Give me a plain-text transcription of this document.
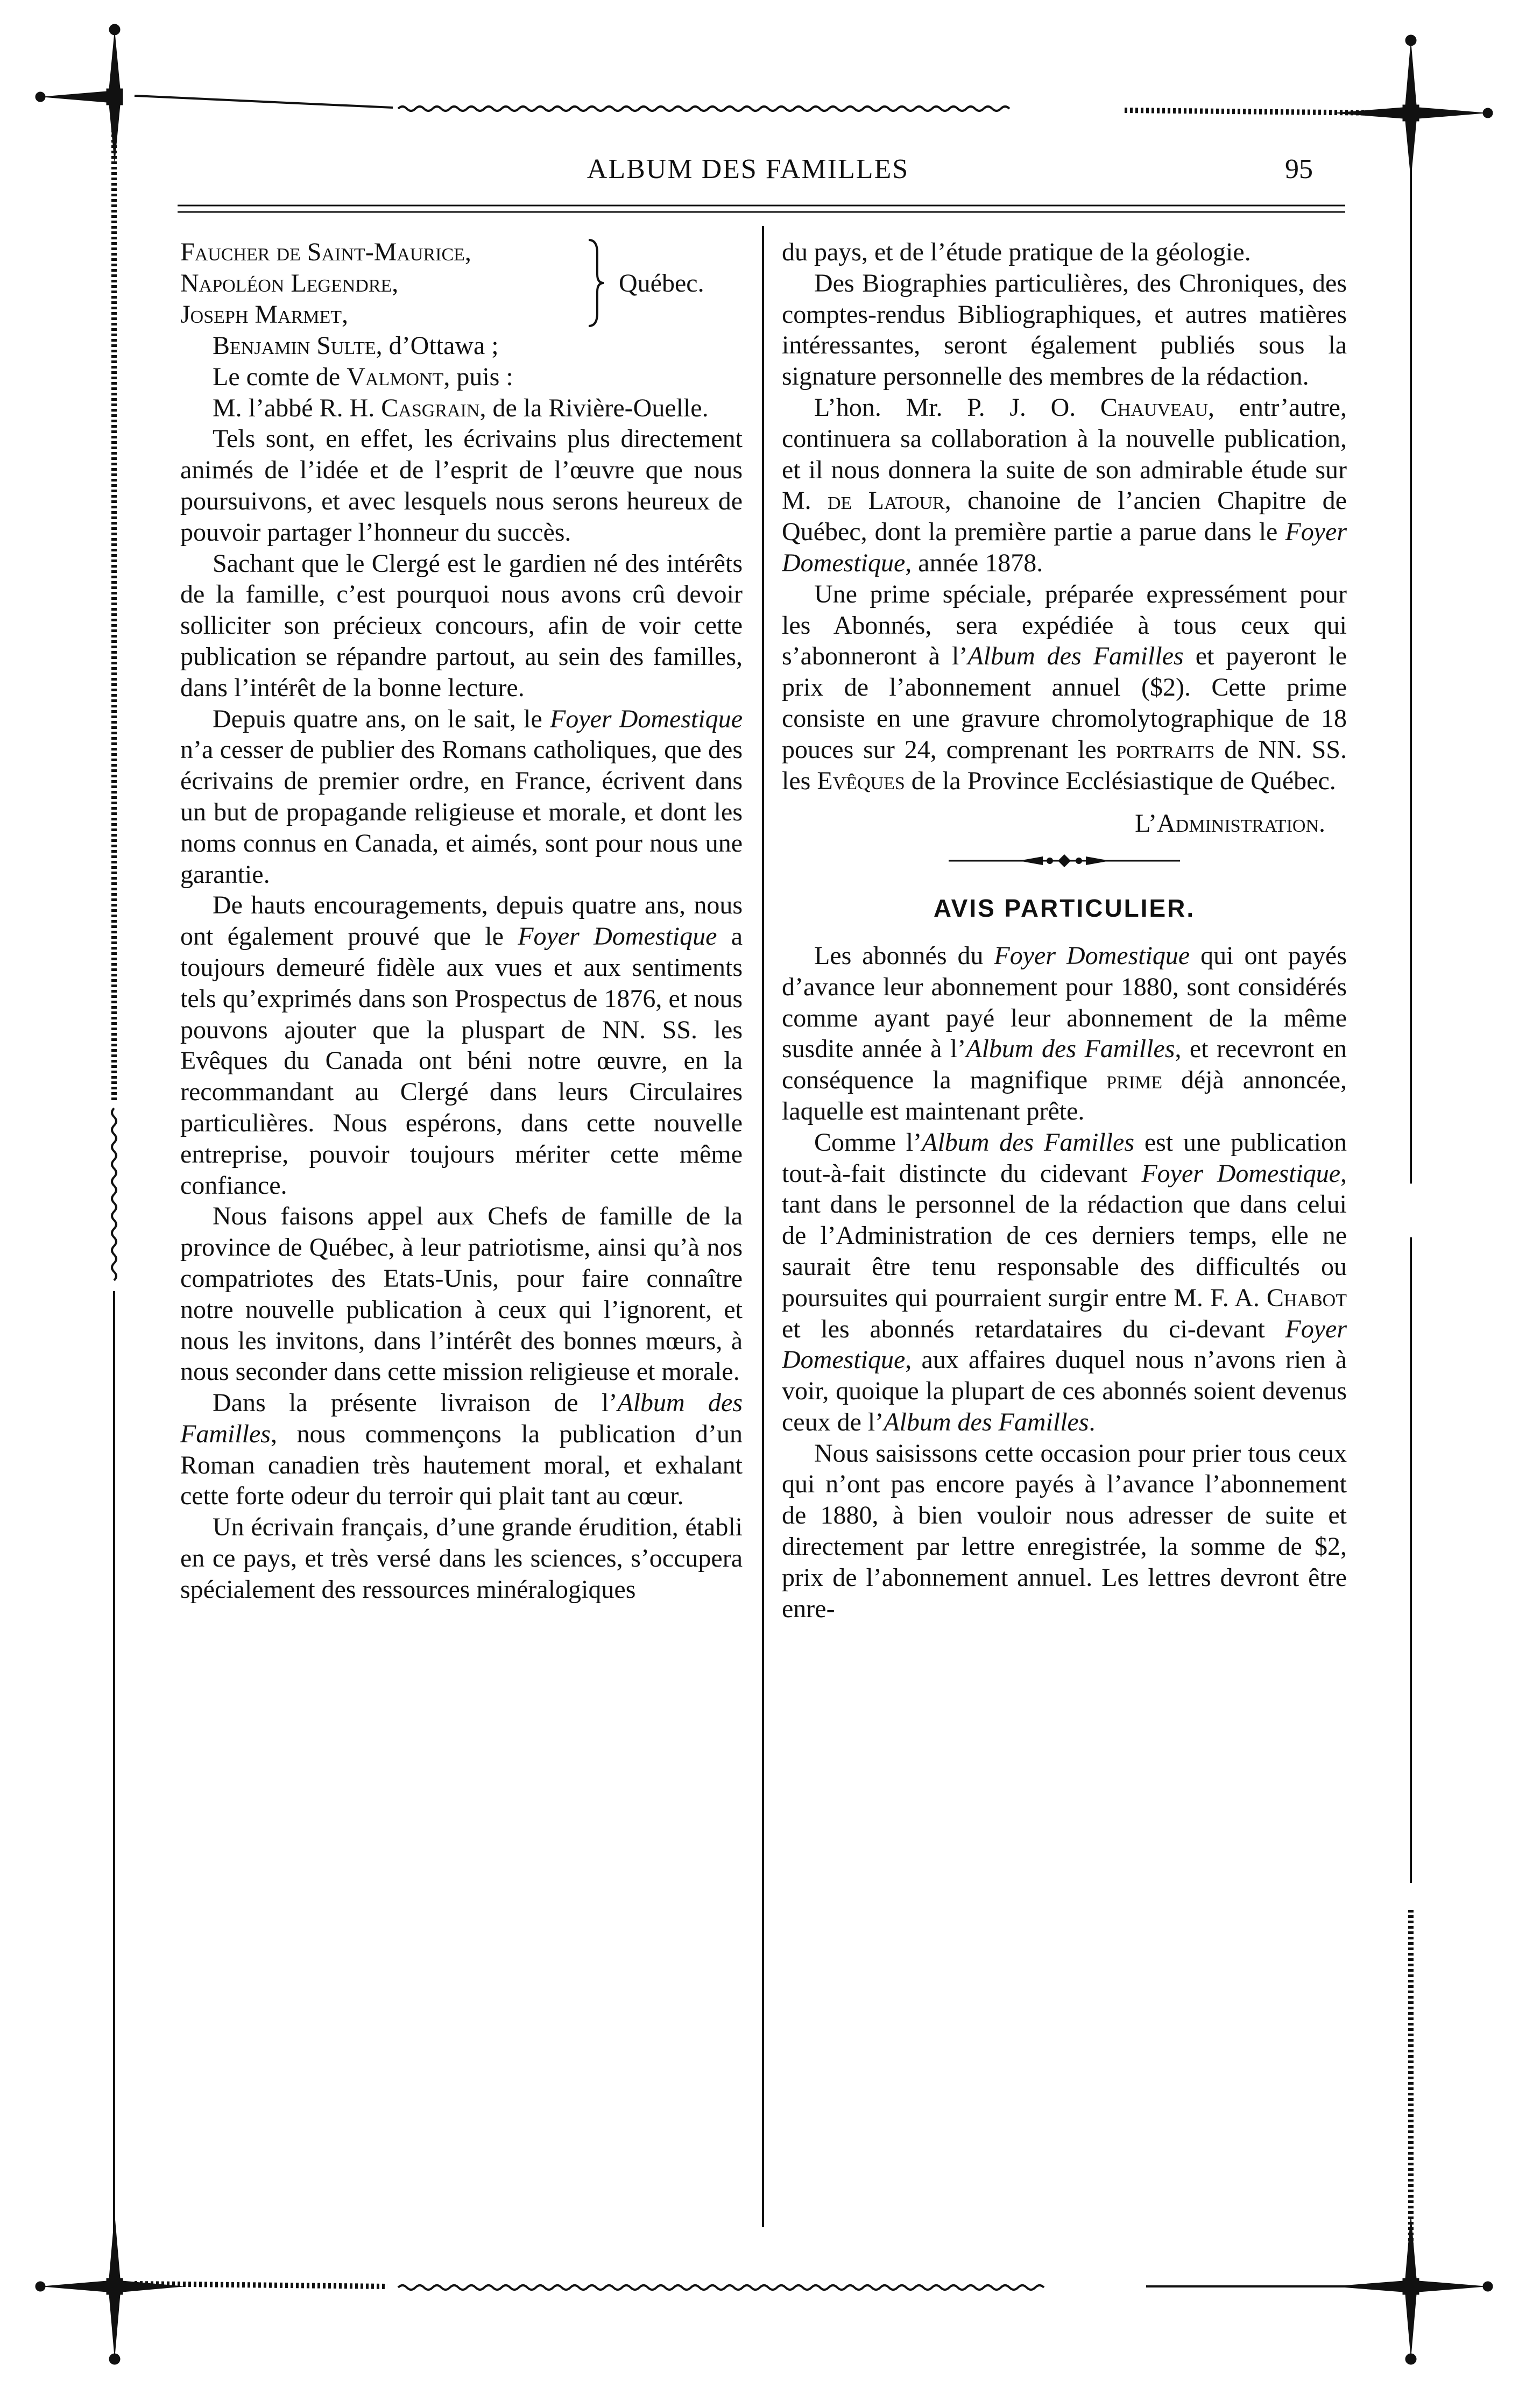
ALBUM DES FAMILLES	95
Faucher de Saint-Maurice,
Napoléon Legendre,
Joseph Marmet,
Québec.

Benjamin Sulte, d’Ottawa ;

Le comte de Valmont, puis :

M. l’abbé R. H. Casgrain, de la Rivière-Ouelle.

Tels sont, en effet, les écrivains plus directement animés de l’idée et de l’esprit de l’œuvre que nous poursuivons, et avec lesquels nous serons heureux de pouvoir partager l’honneur du succès.

Sachant que le Clergé est le gardien né des intérêts de la famille, c’est pourquoi nous avons crû devoir solliciter son précieux concours, afin de voir cette publication se répandre partout, au sein des familles, dans l’intérêt de la bonne lecture.

Depuis quatre ans, on le sait, le Foyer Domestique n’a cesser de publier des Romans catholiques, que des écrivains de premier ordre, en France, écrivent dans un but de propagande religieuse et morale, et dont les noms connus en Canada, et aimés, sont pour nous une garantie.

De hauts encouragements, depuis quatre ans, nous ont également prouvé que le Foyer Domestique a toujours demeuré fidèle aux vues et aux sentiments tels qu’exprimés dans son Prospectus de 1876, et nous pouvons ajouter que la pluspart de NN. SS. les Evêques du Canada ont béni notre œuvre, en la recommandant au Clergé dans leurs Circulaires particulières. Nous espérons, dans cette nouvelle entreprise, pouvoir toujours mériter cette même confiance.

Nous faisons appel aux Chefs de famille de la province de Québec, à leur patriotisme, ainsi qu’à nos compatriotes des Etats-Unis, pour faire connaître notre nouvelle publication à ceux qui l’ignorent, et nous les invitons, dans l’intérêt des bonnes mœurs, à nous seconder dans cette mission religieuse et morale.

Dans la présente livraison de l’Album des Familles, nous commençons la publication d’un Roman canadien très hautement moral, et exhalant cette forte odeur du terroir qui plait tant au cœur.

Un écrivain français, d’une grande érudition, établi en ce pays, et très versé dans les sciences, s’occupera spécialement des ressources minéralogiques

du pays, et de l’étude pratique de la géologie.

Des Biographies particulières, des Chroniques, des comptes-rendus Bibliographiques, et autres matières intéressantes, seront également publiés sous la signature personnelle des membres de la rédaction.

L’hon. Mr. P. J. O. Chauveau, entr’autre, continuera sa collaboration à la nouvelle publication, et il nous donnera la suite de son admirable étude sur M. de Latour, chanoine de l’ancien Chapitre de Québec, dont la première partie a parue dans le Foyer Domestique, année 1878.

Une prime spéciale, préparée expressément pour les Abonnés, sera expédiée à tous ceux qui s’abonneront à l’Album des Familles et payeront le prix de l’abonnement annuel ($2). Cette prime consiste en une gravure chromolytographique de 18 pouces sur 24, comprenant les portraits de NN. SS. les Evêques de la Province Ecclésiastique de Québec.

L’Administration.
AVIS PARTICULIER.

Les abonnés du Foyer Domestique qui ont payés d’avance leur abonnement pour 1880, sont considérés comme ayant payé leur abonnement de la même susdite année à l’Album des Familles, et recevront en conséquence la magnifique prime déjà annoncée, laquelle est maintenant prête.

Comme l’Album des Familles est une publication tout-à-fait distincte du cidevant Foyer Domestique, tant dans le personnel de la rédaction que dans celui de l’Administration de ces derniers temps, elle ne saurait être tenu responsable des difficultés ou poursuites qui pourraient surgir entre M. F. A. Chabot et les abonnés retardataires du ci-devant Foyer Domestique, aux affaires duquel nous n’avons rien à voir, quoique la plupart de ces abonnés soient devenus ceux de l’Album des Familles.

Nous saisissons cette occasion pour prier tous ceux qui n’ont pas encore payés à l’avance l’abonnement de 1880, à bien vouloir nous adresser de suite et directement par lettre enregistrée, la somme de $2, prix de l’abonnement annuel. Les lettres devront être enre-
